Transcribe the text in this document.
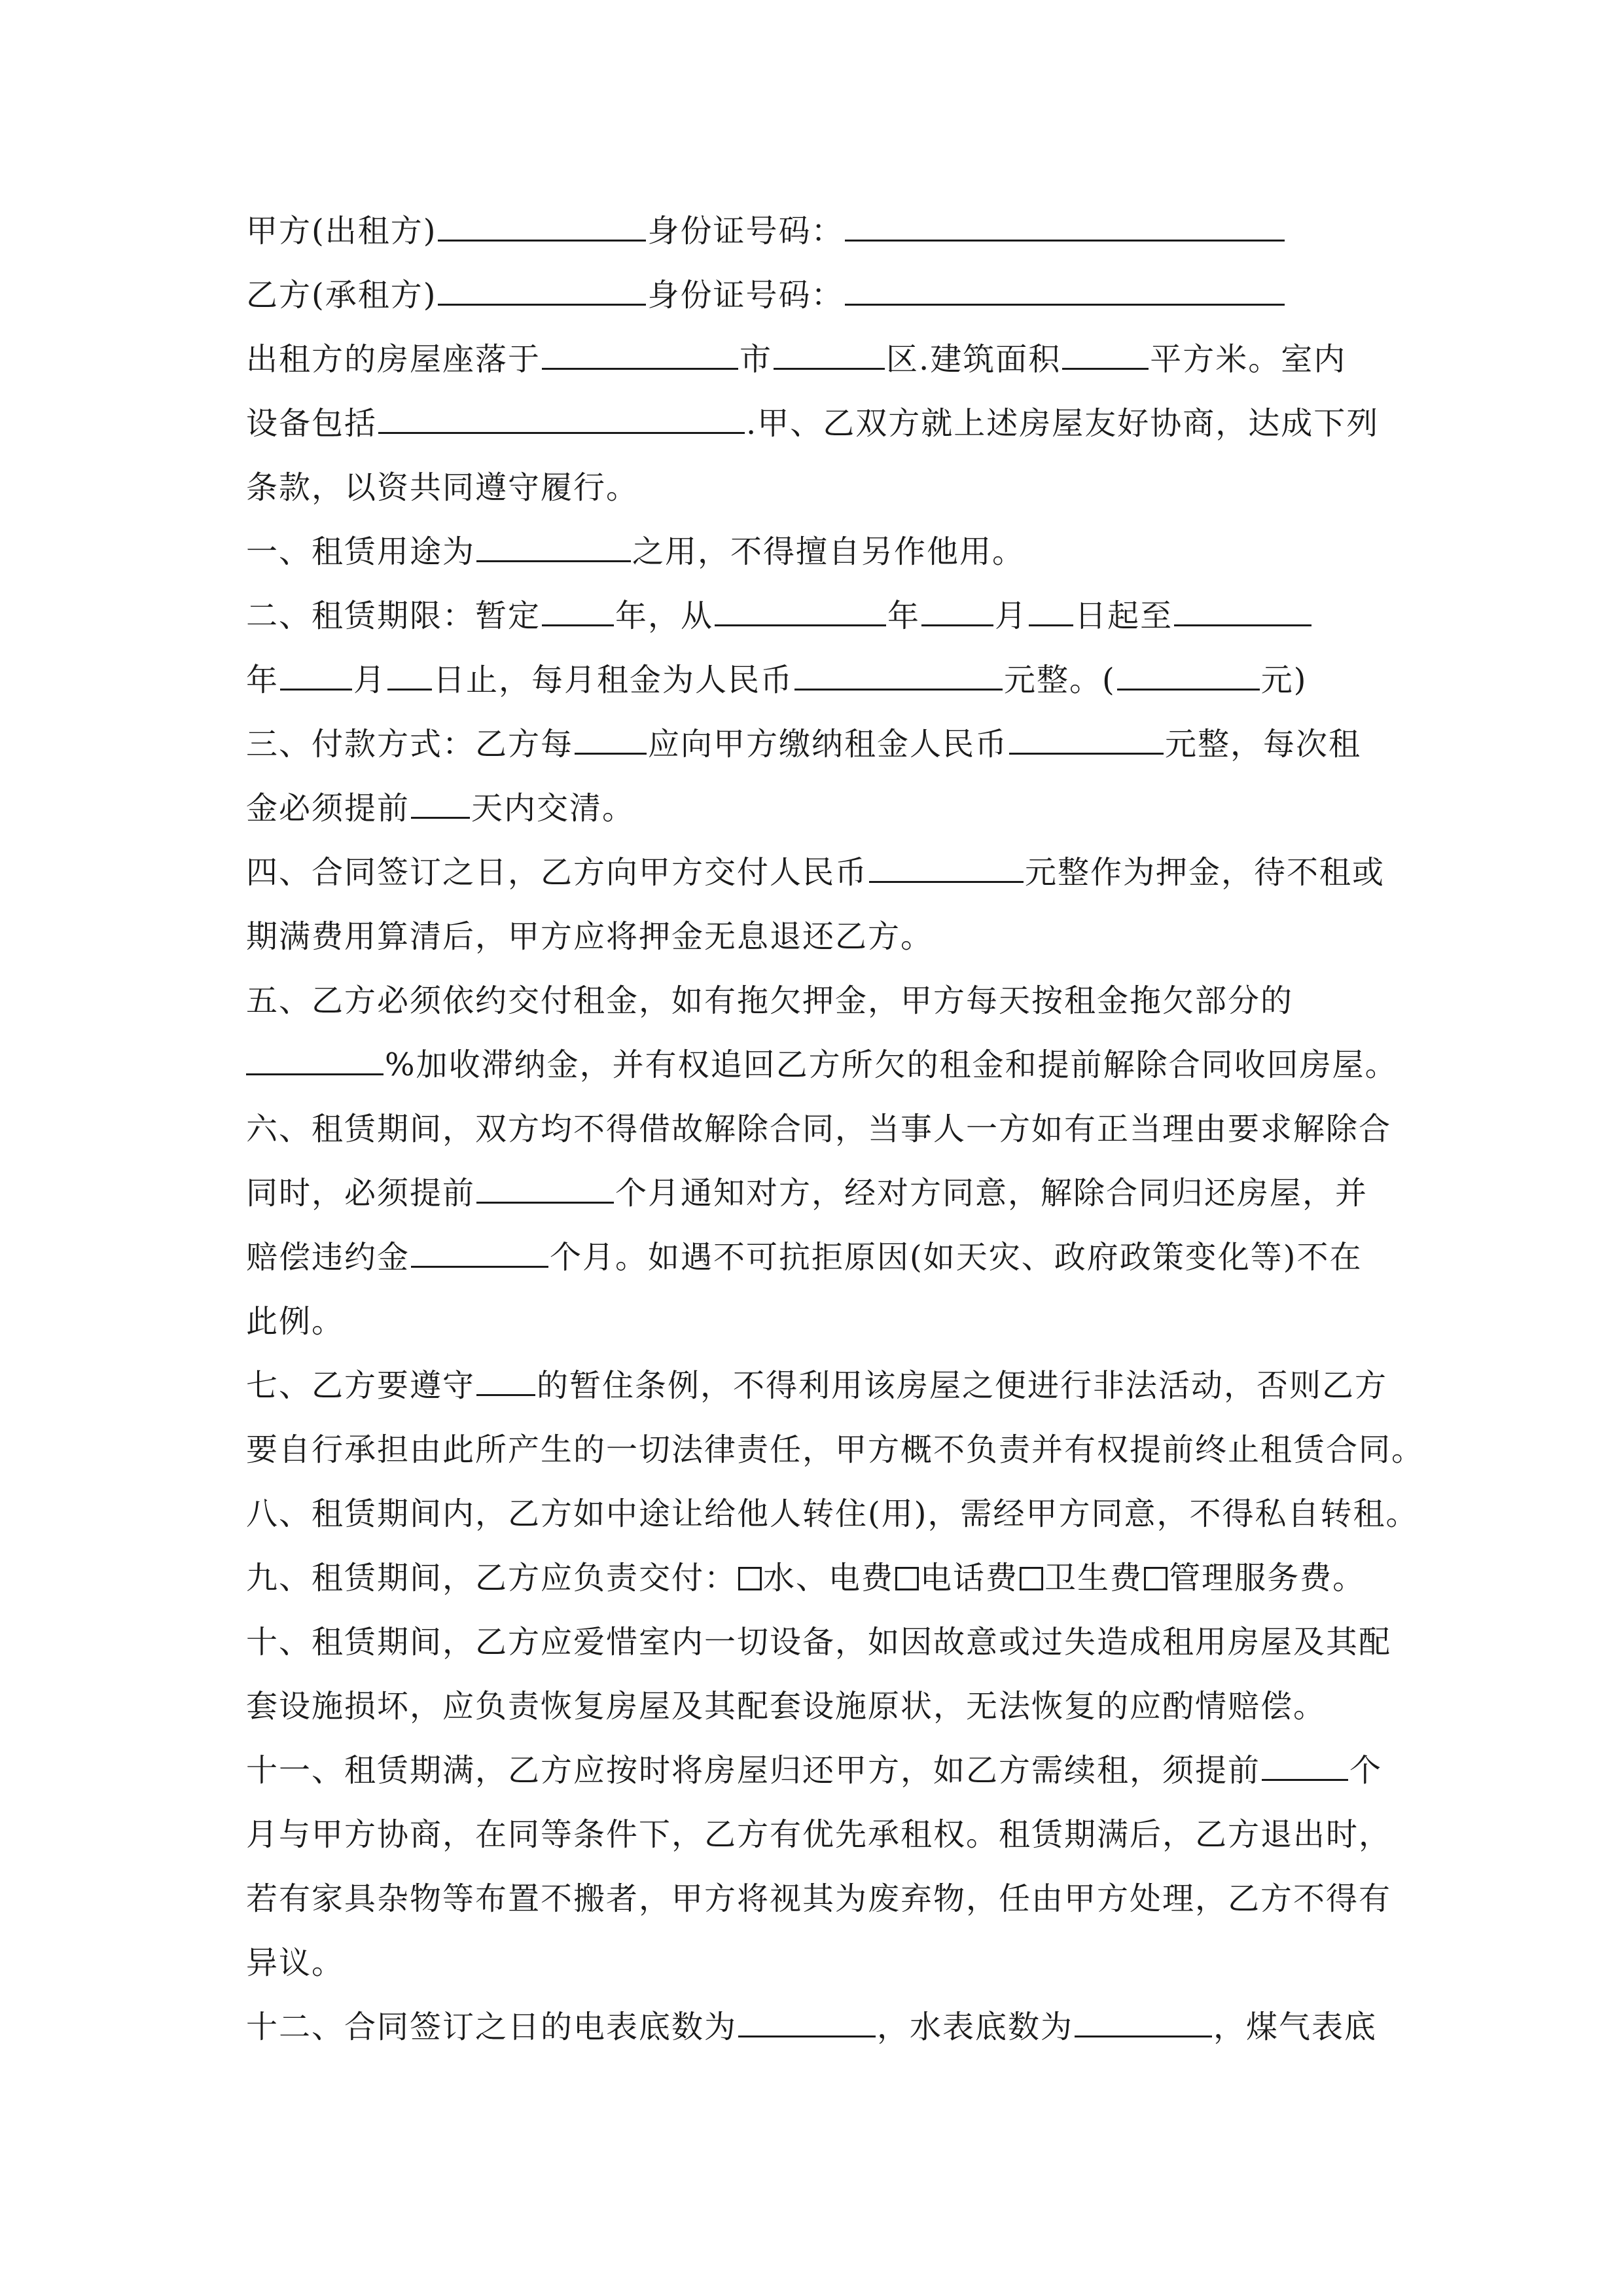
甲方(出租方)	身份证号码：
乙方(承租方)	身份证号码：
出租方的房屋座落于	市	区.建筑面积	平方米。室内
设备包括	.甲、乙双方就上述房屋友好协商，达成下列
条款，以资共同遵守履行。
一、租赁用途为	之用，不得擅自另作他用。
二、租赁期限：暂定 年，从	年 月 日起至
年 月 日止，每月租金为人民币	元整。(	元)
三、付款方式：乙方每 应向甲方缴纳租金人民币	元整，每次租
金必须提前 天内交清。
四、合同签订之日，乙方向甲方交付人民币	元整作为押金，待不租或
期满费用算清后，甲方应将押金无息退还乙方。
五、乙方必须依约交付租金，如有拖欠押金，甲方每天按租金拖欠部分的
%加收滞纳金，并有权追回乙方所欠的租金和提前解除合同收回房屋。
六、租赁期间，双方均不得借故解除合同，当事人一方如有正当理由要求解除合
同时，必须提前	个月通知对方，经对方同意，解除合同归还房屋，并
赔偿违约金	个月。如遇不可抗拒原因(如天灾、政府政策变化等)不在
此例。
七、乙方要遵守 的暂住条例，不得利用该房屋之便进行非法活动，否则乙方
要自行承担由此所产生的一切法律责任，甲方概不负责并有权提前终止租赁合同。
八、租赁期间内，乙方如中途让给他人转住(用)，需经甲方同意，不得私自转租。
九、租赁期间，乙方应负责交付： 水、电费 电话费 卫生费 管理服务费。
十、租赁期间，乙方应爱惜室内一切设备，如因故意或过失造成租用房屋及其配
套设施损坏，应负责恢复房屋及其配套设施原状，无法恢复的应酌情赔偿。
十一、租赁期满，乙方应按时将房屋归还甲方，如乙方需续租，须提前	个
月与甲方协商，在同等条件下，乙方有优先承租权。租赁期满后，乙方退出时，
若有家具杂物等布置不搬者，甲方将视其为废弃物，任由甲方处理，乙方不得有
异议。
十二、合同签订之日的电表底数为	，水表底数为	，煤气表底
